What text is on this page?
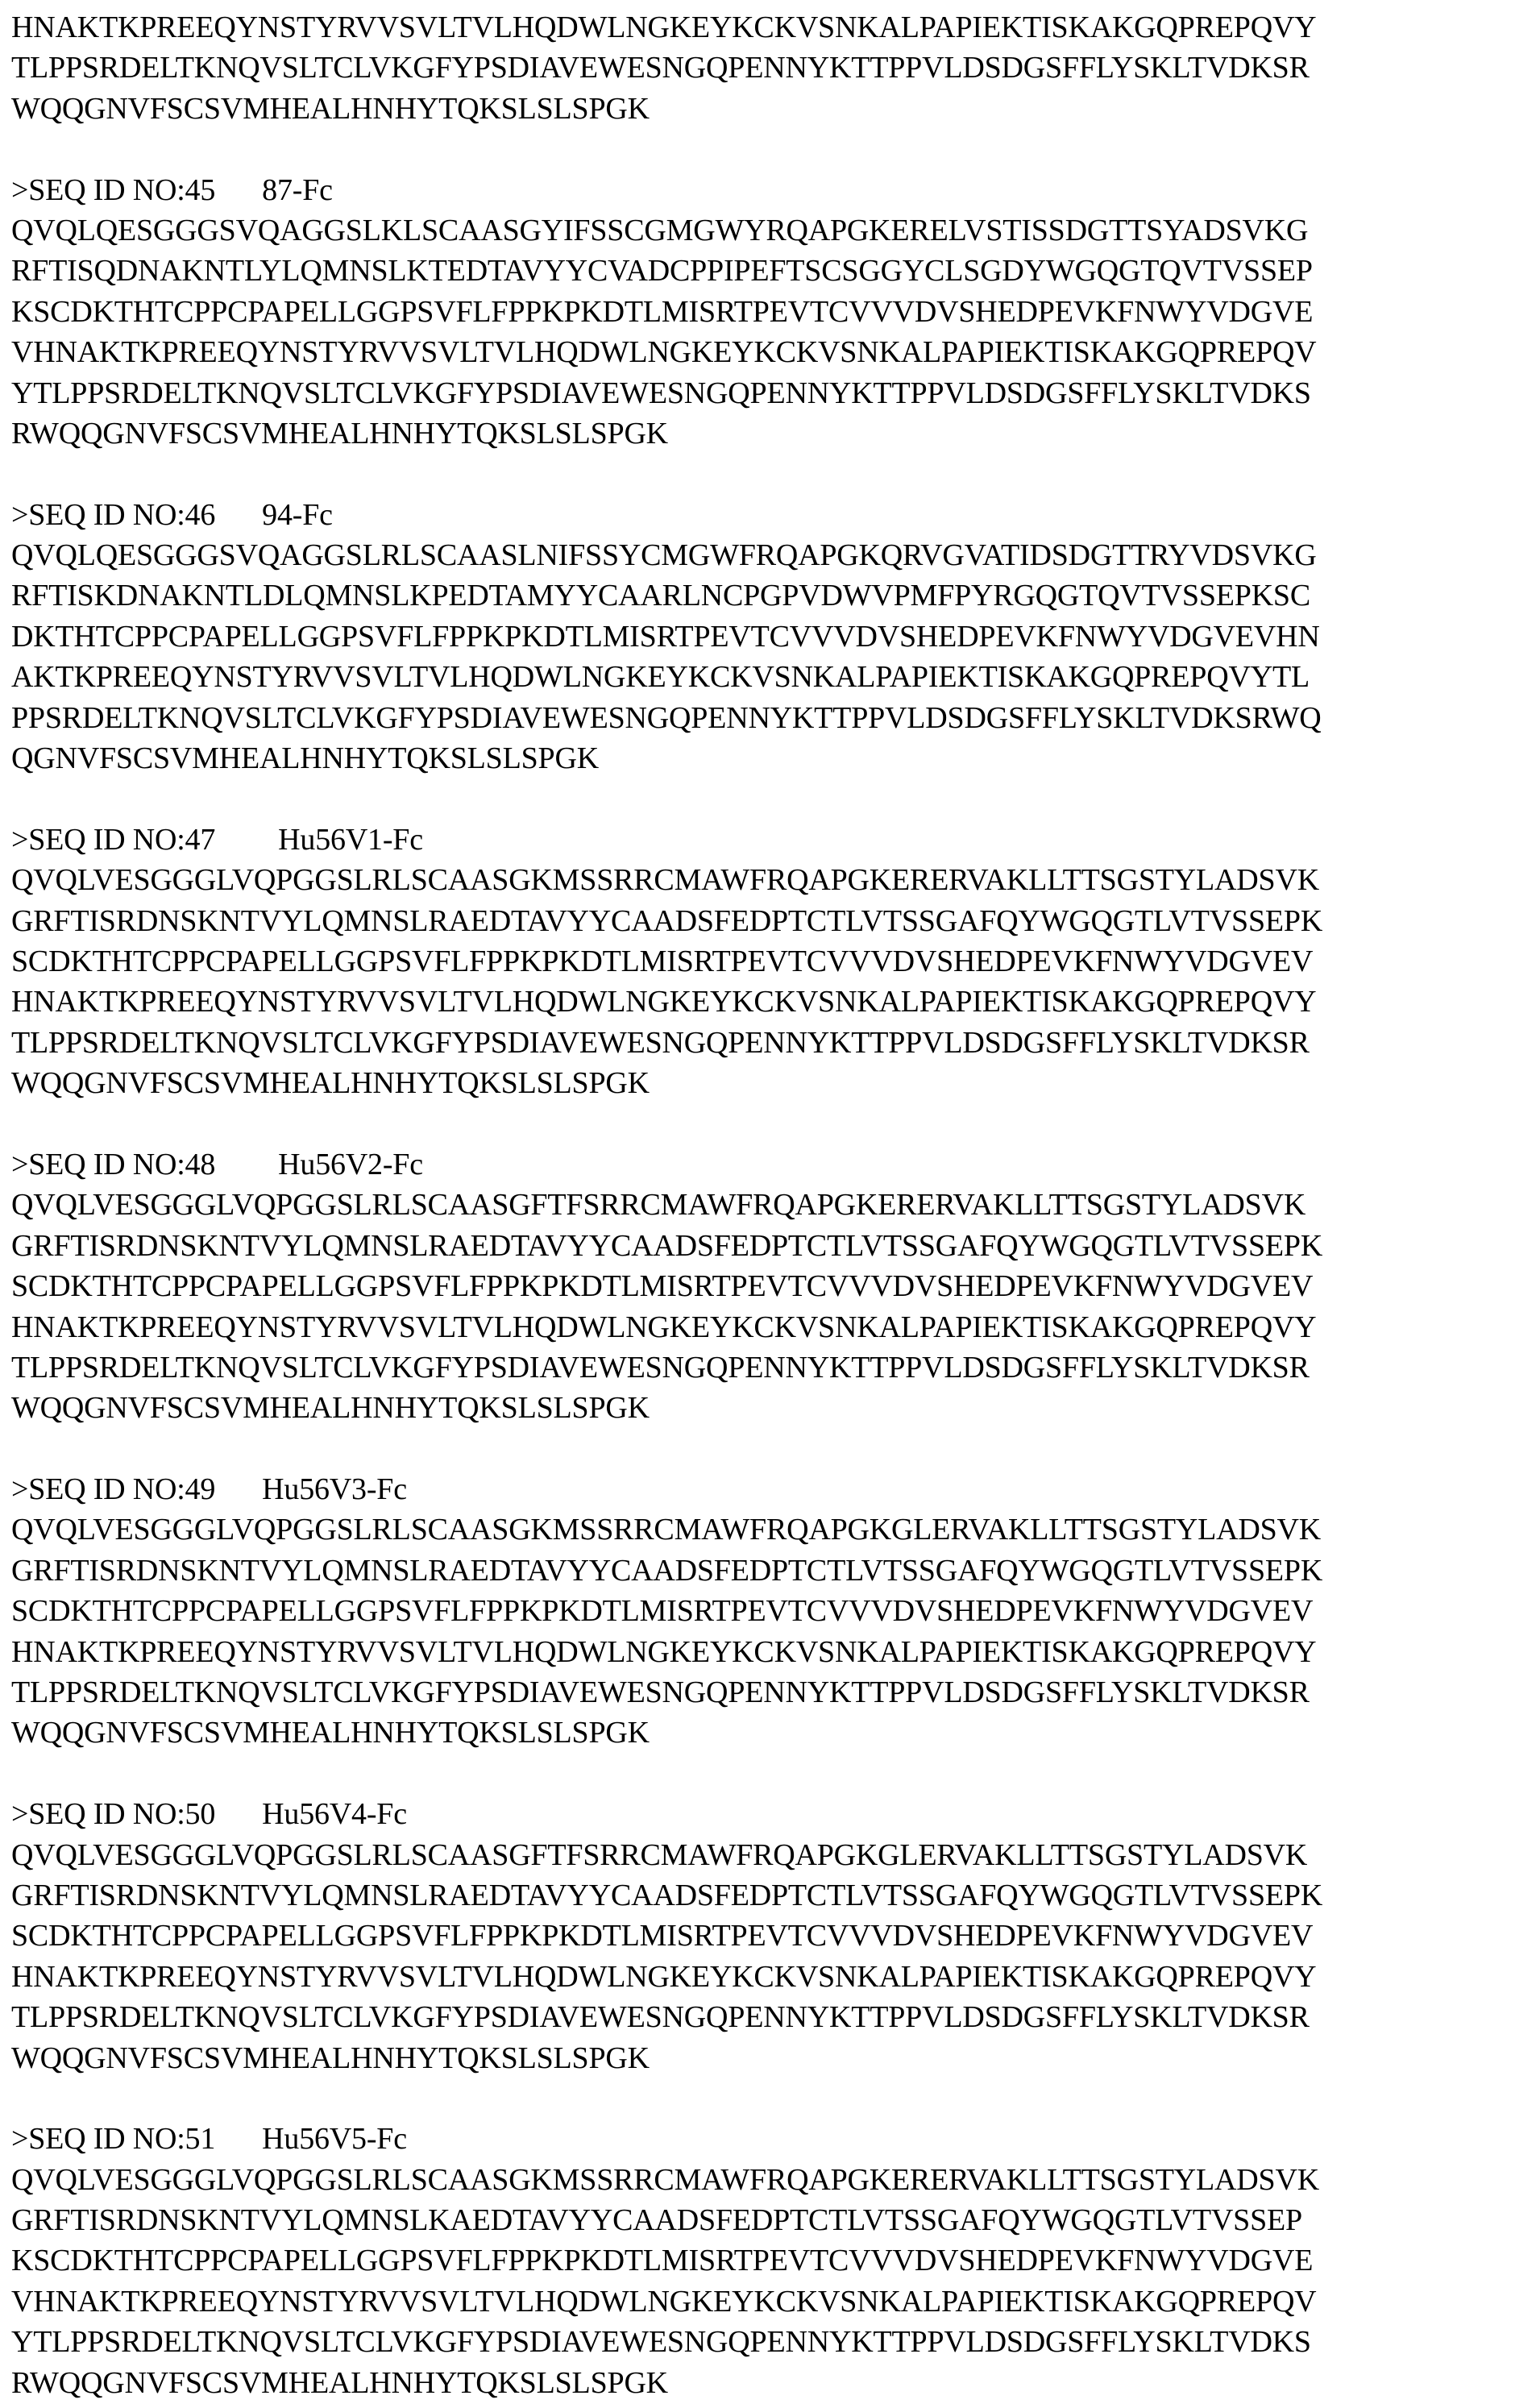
HNAKTKPREEQYNSTYRVVSVLTVLHQDWLNGKEYKCKVSNKALPAPIEKTISKAKGQPREPQVY
TLPPSRDELTKNQVSLTCLVKGFYPSDIAVEWESNGQPENNYKTTPPVLDSDGSFFLYSKLTVDKSR
WQQGNVFSCSVMHEALHNHYTQKSLSLSPGK
>SEQ ID NO:45 87-Fc
QVQLQESGGGSVQAGGSLKLSCAASGYIFSSCGMGWYRQAPGKERELVSTISSDGTTSYADSVKG
RFTISQDNAKNTLYLQMNSLKTEDTAVYYCVADCPPIPEFTSCSGGYCLSGDYWGQGTQVTVSSEP
KSCDKTHTCPPCPAPELLGGPSVFLFPPKPKDTLMISRTPEVTCVVVDVSHEDPEVKFNWYVDGVE
VHNAKTKPREEQYNSTYRVVSVLTVLHQDWLNGKEYKCKVSNKALPAPIEKTISKAKGQPREPQV
YTLPPSRDELTKNQVSLTCLVKGFYPSDIAVEWESNGQPENNYKTTPPVLDSDGSFFLYSKLTVDKS
RWQQGNVFSCSVMHEALHNHYTQKSLSLSPGK
>SEQ ID NO:46 94-Fc
QVQLQESGGGSVQAGGSLRLSCAASLNIFSSYCMGWFRQAPGKQRVGVATIDSDGTTRYVDSVKG
RFTISKDNAKNTLDLQMNSLKPEDTAMYYCAARLNCPGPVDWVPMFPYRGQGTQVTVSSEPKSC
DKTHTCPPCPAPELLGGPSVFLFPPKPKDTLMISRTPEVTCVVVDVSHEDPEVKFNWYVDGVEVHN
AKTKPREEQYNSTYRVVSVLTVLHQDWLNGKEYKCKVSNKALPAPIEKTISKAKGQPREPQVYTL
PPSRDELTKNQVSLTCLVKGFYPSDIAVEWESNGQPENNYKTTPPVLDSDGSFFLYSKLTVDKSRWQ
QGNVFSCSVMHEALHNHYTQKSLSLSPGK
>SEQ ID NO:47 Hu56V1-Fc
QVQLVESGGGLVQPGGSLRLSCAASGKMSSRRCMAWFRQAPGKERERVAKLLTTSGSTYLADSVK
GRFTISRDNSKNTVYLQMNSLRAEDTAVYYCAADSFEDPTCTLVTSSGAFQYWGQGTLVTVSSEPK
SCDKTHTCPPCPAPELLGGPSVFLFPPKPKDTLMISRTPEVTCVVVDVSHEDPEVKFNWYVDGVEV
HNAKTKPREEQYNSTYRVVSVLTVLHQDWLNGKEYKCKVSNKALPAPIEKTISKAKGQPREPQVY
TLPPSRDELTKNQVSLTCLVKGFYPSDIAVEWESNGQPENNYKTTPPVLDSDGSFFLYSKLTVDKSR
WQQGNVFSCSVMHEALHNHYTQKSLSLSPGK
>SEQ ID NO:48 Hu56V2-Fc
QVQLVESGGGLVQPGGSLRLSCAASGFTFSRRCMAWFRQAPGKERERVAKLLTTSGSTYLADSVK
GRFTISRDNSKNTVYLQMNSLRAEDTAVYYCAADSFEDPTCTLVTSSGAFQYWGQGTLVTVSSEPK
SCDKTHTCPPCPAPELLGGPSVFLFPPKPKDTLMISRTPEVTCVVVDVSHEDPEVKFNWYVDGVEV
HNAKTKPREEQYNSTYRVVSVLTVLHQDWLNGKEYKCKVSNKALPAPIEKTISKAKGQPREPQVY
TLPPSRDELTKNQVSLTCLVKGFYPSDIAVEWESNGQPENNYKTTPPVLDSDGSFFLYSKLTVDKSR
WQQGNVFSCSVMHEALHNHYTQKSLSLSPGK
>SEQ ID NO:49 Hu56V3-Fc
QVQLVESGGGLVQPGGSLRLSCAASGKMSSRRCMAWFRQAPGKGLERVAKLLTTSGSTYLADSVK
GRFTISRDNSKNTVYLQMNSLRAEDTAVYYCAADSFEDPTCTLVTSSGAFQYWGQGTLVTVSSEPK
SCDKTHTCPPCPAPELLGGPSVFLFPPKPKDTLMISRTPEVTCVVVDVSHEDPEVKFNWYVDGVEV
HNAKTKPREEQYNSTYRVVSVLTVLHQDWLNGKEYKCKVSNKALPAPIEKTISKAKGQPREPQVY
TLPPSRDELTKNQVSLTCLVKGFYPSDIAVEWESNGQPENNYKTTPPVLDSDGSFFLYSKLTVDKSR
WQQGNVFSCSVMHEALHNHYTQKSLSLSPGK
>SEQ ID NO:50 Hu56V4-Fc
QVQLVESGGGLVQPGGSLRLSCAASGFTFSRRCMAWFRQAPGKGLERVAKLLTTSGSTYLADSVK
GRFTISRDNSKNTVYLQMNSLRAEDTAVYYCAADSFEDPTCTLVTSSGAFQYWGQGTLVTVSSEPK
SCDKTHTCPPCPAPELLGGPSVFLFPPKPKDTLMISRTPEVTCVVVDVSHEDPEVKFNWYVDGVEV
HNAKTKPREEQYNSTYRVVSVLTVLHQDWLNGKEYKCKVSNKALPAPIEKTISKAKGQPREPQVY
TLPPSRDELTKNQVSLTCLVKGFYPSDIAVEWESNGQPENNYKTTPPVLDSDGSFFLYSKLTVDKSR
WQQGNVFSCSVMHEALHNHYTQKSLSLSPGK
>SEQ ID NO:51 Hu56V5-Fc
QVQLVESGGGLVQPGGSLRLSCAASGKMSSRRCMAWFRQAPGKERERVAKLLTTSGSTYLADSVK
GRFTISRDNSKNTVYLQMNSLKAEDTAVYYCAADSFEDPTCTLVTSSGAFQYWGQGTLVTVSSEP
KSCDKTHTCPPCPAPELLGGPSVFLFPPKPKDTLMISRTPEVTCVVVDVSHEDPEVKFNWYVDGVE
VHNAKTKPREEQYNSTYRVVSVLTVLHQDWLNGKEYKCKVSNKALPAPIEKTISKAKGQPREPQV
YTLPPSRDELTKNQVSLTCLVKGFYPSDIAVEWESNGQPENNYKTTPPVLDSDGSFFLYSKLTVDKS
RWQQGNVFSCSVMHEALHNHYTQKSLSLSPGK
